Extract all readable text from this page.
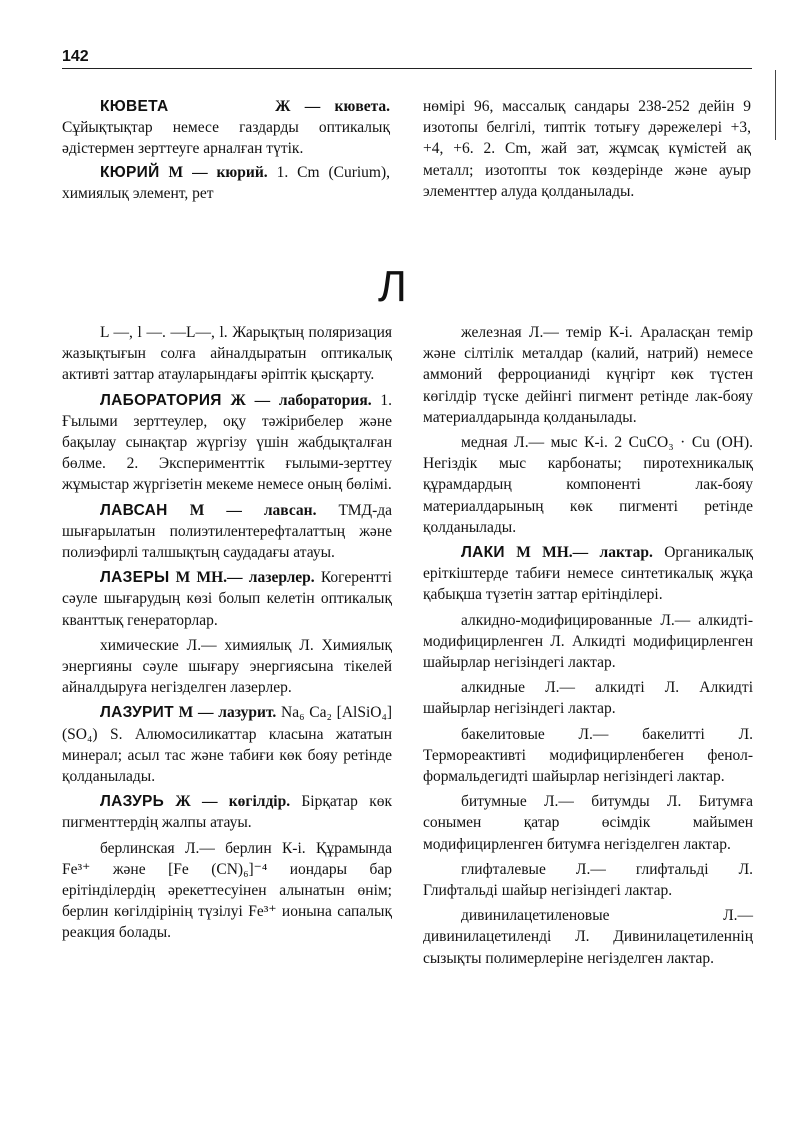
142

КЮВЕТА	Ж — кювета. Сұйықтықтар немесе газдарды оптикалық әдістермен зерттеуге арналған түтік.

КЮРИЙ М — кюрий. 1. Cm (Curium), химиялық элемент, рет

нөмірі 96, массалық сандары 238-252 дейін 9 изотопы белгілі, типтік тотығу дәрежелері +3, +4, +6. 2. Cm, жай зат, жұмсақ күмістей ақ металл; изотопты ток көздерінде және ауыр элементтер алуда қолданылады.

Л

L —, l —. —L—, l. Жарықтың поляризация жазықтығын солға айналдыратын оптикалық активті заттар атауларындағы әріптік қысқарту.

ЛАБОРАТОРИЯ Ж — лаборатория. 1. Ғылыми зерттеулер, оқу тәжірибелер және бақылау сынақтар жүргізу үшін жабдықталған бөлме. 2. Эксперименттік ғылыми-зерттеу жұмыстар жүргізетін мекеме немесе оның бөлімі.

ЛАВСАН М — лавсан. ТМД-да шығарылатын полиэтилентерефталаттың және полиэфирлі талшықтың саудадағы атауы.

ЛАЗЕРЫ М МН.— лазерлер. Когерентті сәуле шығарудың көзі болып келетін оптикалық кванттық генераторлар.

химические Л.— химиялық Л. Химиялық энергияны сәуле шығару энергиясына тікелей айналдыруға негізделген лазерлер.

ЛАЗУРИТ М — лазурит. Na₆ Ca₂ [AlSiO₄] (SO₄) S. Алюмосиликаттар класына жататын минерал; асыл тас және табиғи көк бояу ретінде қолданылады.

ЛАЗУРЬ Ж — көгілдір. Бірқатар көк пигменттердің жалпы атауы.

берлинская Л.— берлин К-і. Құрамында Fe³⁺ және [Fe (CN)₆]⁻⁴ иондары бар ерітінділердің әрекеттесуінен алынатын өнім; берлин көгілдірінің түзілуі Fe³⁺ ионына сапалық реакция болады.

железная Л.— темір К-і. Араласқан темір және сілтілік металдар (калий, натрий) немесе аммоний ферроцианиді күңгірт көк түстен көгілдір түске дейінгі пигмент ретінде лак-бояу материалдарында қолданылады.

медная Л.— мыс К-і. 2 CuCO₃ · Cu (OH). Негіздік мыс карбонаты; пиротехникалық құрамдардың компоненті лак-бояу материалдарының көк пигменті ретінде қолданылады.

ЛАКИ М МН.— лактар. Органикалық еріткіштерде табиғи немесе синтетикалық жұқа қабықша түзетін заттар ерітінділері.

алкидно-модифицированные Л.— алкидті-модифицирленген Л. Алкидті модифицирленген шайырлар негізіндегі лактар.

алкидные Л.— алкидті Л. Алкидті шайырлар негізіндегі лактар.

бакелитовые Л.— бакелитті Л. Термореактивті модифицирленбеген фенол-формальдегидті шайырлар негізіндегі лактар.

битумные Л.— битумды Л. Битумға сонымен қатар өсімдік майымен модифицирленген битумға негізделген лактар.

глифталевые Л.— глифтальді Л. Глифтальді шайыр негізіндегі лактар.

дивинилацетиленовые Л.— дивинилацетиленді Л. Дивинилацетиленнің сызықты полимерлеріне негізделген лактар.
